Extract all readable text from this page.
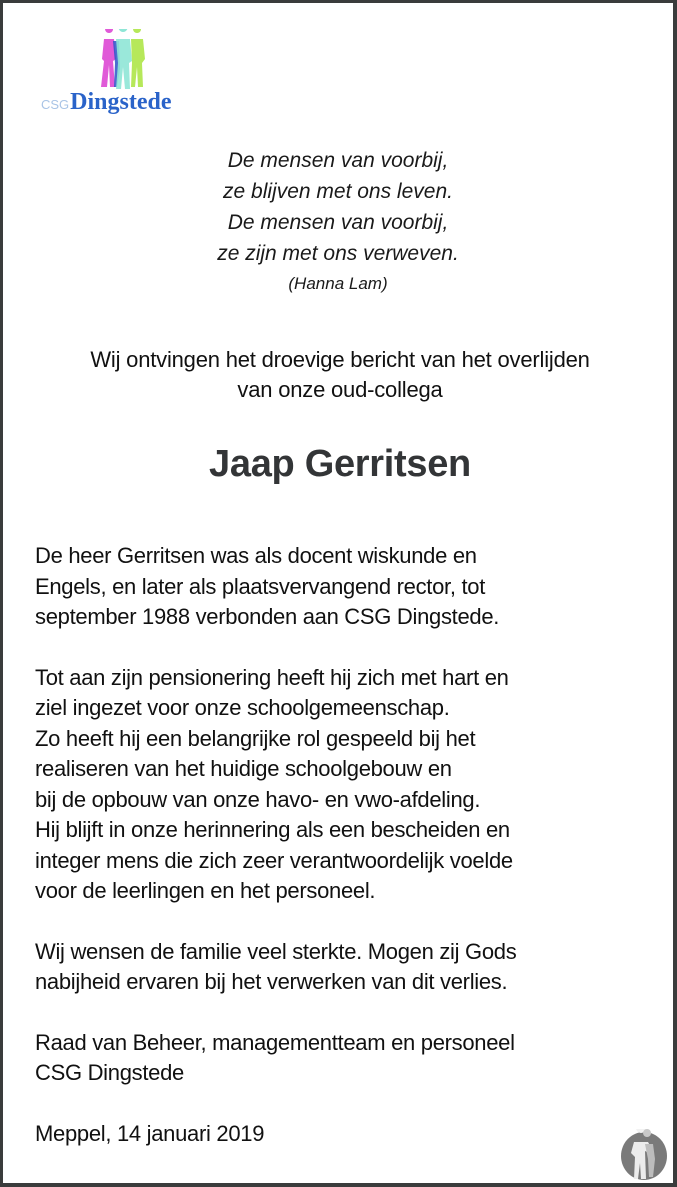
CSGDingstede
De mensen van voorbij,
ze blijven met ons leven.
De mensen van voorbij,
ze zijn met ons verweven.
(Hanna Lam)
Wij ontvingen het droevige bericht van het overlijden
van onze oud-collega
Jaap Gerritsen
De heer Gerritsen was als docent wiskunde en
Engels, en later als plaatsvervangend rector, tot
september 1988 verbonden aan CSG Dingstede.
Tot aan zijn pensionering heeft hij zich met hart en
ziel ingezet voor onze schoolgemeenschap.
Zo heeft hij een belangrijke rol gespeeld bij het
realiseren van het huidige schoolgebouw en
bij de opbouw van onze havo- en vwo-afdeling.
Hij blijft in onze herinnering als een bescheiden en
integer mens die zich zeer verantwoordelijk voelde
voor de leerlingen en het personeel.
Wij wensen de familie veel sterkte. Mogen zij Gods
nabijheid ervaren bij het verwerken van dit verlies.
Raad van Beheer, managementteam en personeel
CSG Dingstede
Meppel, 14 januari 2019
